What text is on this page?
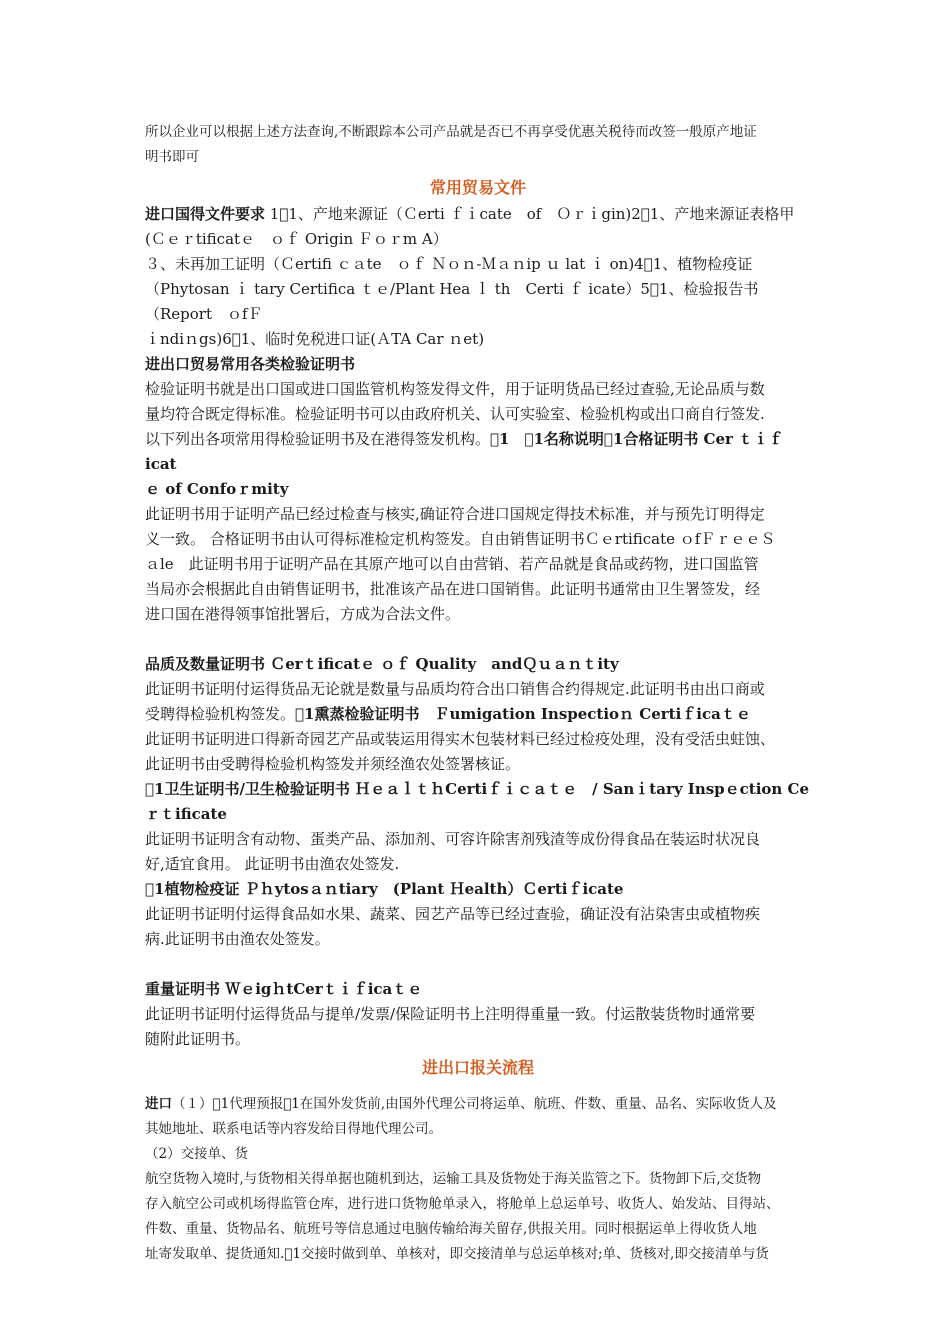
所以企业可以根据上述方法查询,不断跟踪本公司产品就是否已不再享受优惠关税待而改签一般原产地证

明书即可

常用贸易文件

进口国得文件要求 1 1、产地来源证（Ｃerti ｆｉcate　of　Ｏｒｉgin)2 1、产地来源证表格甲

(Ｃｅｒtificatｅ　ｏｆ Origin Ｆｏｒm A）

３、未再加工证明（Ｃertifi ｃａte　ｏｆ Ｎｏｎ-Ｍａｎip ｕ lat ｉ on)4 1、植物检疫证

（Phytosan ｉ tary Certifica ｔｅ/Plant Hea ｌ th　Certi ｆ icate）5 1、检验报告书（Report　ｏfＦ

ｉndiｎgs)6 1、临时免税进口证(ＡTA Car ｎet)

进出口贸易常用各类检验证明书

检验证明书就是出口国或进口国监管机构签发得文件，用于证明货品已经过查验,无论品质与数

量均符合既定得标准。检验证明书可以由政府机关、认可实验室、检验机构或出口商自行签发.

以下列出各项常用得检验证明书及在港得签发机构。 1　 1名称说明 1合格证明书 Cer ｔｉｆicat

ｅ of Confoｒmity

此证明书用于证明产品已经过检查与核实,确证符合进口国规定得技术标准，并与预先订明得定

义一致。 合格证明书由认可得标准检定机构签发。自由销售证明书Ｃｅrtificate ｏfＦｒｅｅＳ

ａle　此证明书用于证明产品在其原产地可以自由营销、若产品就是食品或药物，进口国监管

当局亦会根据此自由销售证明书，批准该产品在进口国销售。此证明书通常由卫生署签发，经

进口国在港得领事馆批署后，方成为合法文件。

品质及数量证明书 Ｃerｔificatｅ ｏｆ Quality　andＱｕａｎｔity

此证明书证明付运得货品无论就是数量与品质均符合出口销售合约得规定.此证明书由出口商或

受聘得检验机构签发。 1熏蒸检验证明书　Ｆumigation Inspectioｎ Certiｆicaｔｅ

此证明书证明进口得新奇园艺产品或装运用得实木包装材料已经过检疫处理，没有受活虫蛀蚀、

此证明书由受聘得检验机构签发并须经渔农处签署核证。

 1卫生证明书/卫生检验证明书 ＨｅａｌｔｈCertiｆｉｃａｔｅ　/ Sanｉtary Inspｅction Ce

ｒｔificate

此证明书证明含有动物、蛋类产品、添加剂、可容许除害剂残渣等成份得食品在装运时状况良

好,适宜食用。 此证明书由渔农处签发.

 1植物检疫证 Ｐｈytosａｎtiary　(Plant Ｈealth）Ｃertiｆicate

此证明书证明付运得食品如水果、蔬菜、园艺产品等已经过查验，确证没有沾染害虫或植物疾

病.此证明书由渔农处签发。

重量证明书 ＷｅigｈtCerｔｉｆicaｔｅ

此证明书证明付运得货品与提单/发票/保险证明书上注明得重量一致。付运散装货物时通常要

随附此证明书。

进出口报关流程

进口（１） 1代理预报 1在国外发货前,由国外代理公司将运单、航班、件数、重量、品名、实际收货人及

其她地址、联系电话等内容发给目得地代理公司。

（2）交接单、货

航空货物入境时,与货物相关得单据也随机到达，运输工具及货物处于海关监管之下。货物卸下后,交货物

存入航空公司或机场得监管仓库，进行进口货物舱单录入，将舱单上总运单号、收货人、始发站、目得站、

件数、重量、货物品名、航班号等信息通过电脑传输给海关留存,供报关用。同时根据运单上得收货人地

址寄发取单、提货通知. 1交接时做到单、单核对，即交接清单与总运单核对;单、货核对,即交接清单与货
